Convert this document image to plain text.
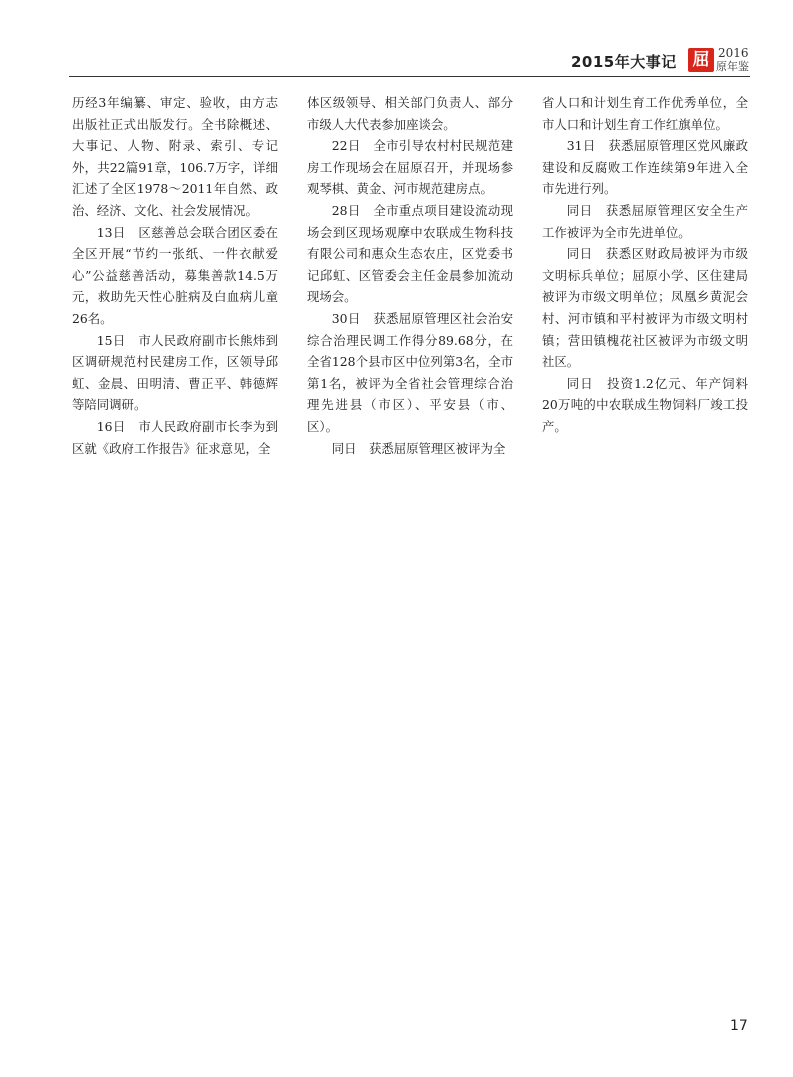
2015年大事记 屈 2016
原年鉴

历经3年编纂、审定、验收，由方志出版社正式出版发行。全书除概述、大事记、人物、附录、索引、专记外，共22篇91章，106.7万字，详细汇述了全区1978～2011年自然、政治、经济、文化、社会发展情况。

13日　区慈善总会联合团区委在全区开展“节约一张纸、一件衣献爱心”公益慈善活动，募集善款14.5万元，救助先天性心脏病及白血病儿童26名。

15日　市人民政府副市长熊炜到区调研规范村民建房工作，区领导邱虹、金晨、田明清、曹正平、韩德辉等陪同调研。

16日　市人民政府副市长李为到区就《政府工作报告》征求意见，全

体区级领导、相关部门负责人、部分市级人大代表参加座谈会。

22日　全市引导农村村民规范建房工作现场会在屈原召开，并现场参观琴棋、黄金、河市规范建房点。

28日　全市重点项目建设流动现场会到区现场观摩中农联成生物科技有限公司和惠众生态农庄，区党委书记邱虹、区管委会主任金晨参加流动现场会。

30日　获悉屈原管理区社会治安综合治理民调工作得分89.68分，在全省128个县市区中位列第3名，全市第1名，被评为全省社会管理综合治理先进县（市区）、平安县（市、区）。

同日　获悉屈原管理区被评为全

省人口和计划生育工作优秀单位，全市人口和计划生育工作红旗单位。

31日　获悉屈原管理区党风廉政建设和反腐败工作连续第9年进入全市先进行列。

同日　获悉屈原管理区安全生产工作被评为全市先进单位。

同日　获悉区财政局被评为市级文明标兵单位；屈原小学、区住建局被评为市级文明单位；凤凰乡黄泥会村、河市镇和平村被评为市级文明村镇；营田镇槐花社区被评为市级文明社区。

同日　投资1.2亿元、年产饲料20万吨的中农联成生物饲料厂竣工投产。

17
